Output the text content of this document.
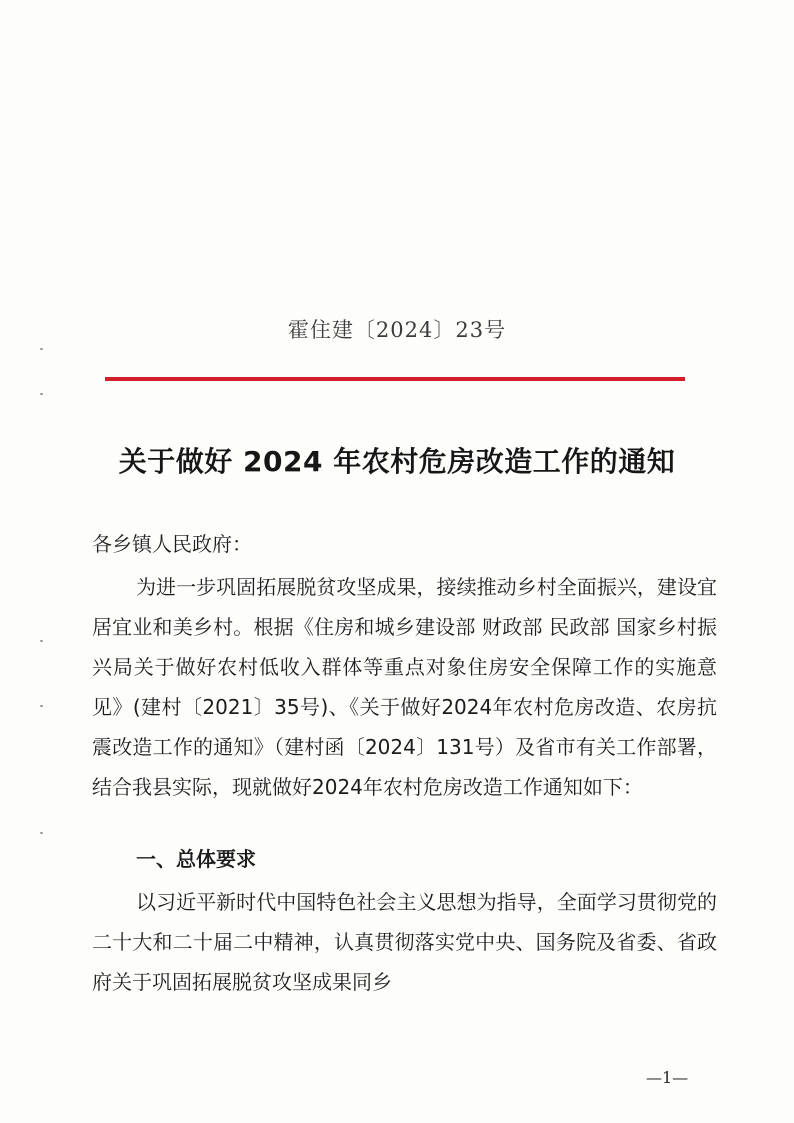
霍住建〔2024〕23号
关于做好 2024 年农村危房改造工作的通知
各乡镇人民政府：
为进一步巩固拓展脱贫攻坚成果，接续推动乡村全面振兴，建设宜居宜业和美乡村。根据《住房和城乡建设部 财政部 民政部 国家乡村振兴局关于做好农村低收入群体等重点对象住房安全保障工作的实施意见》(建村〔2021〕35号)、《关于做好2024年农村危房改造、农房抗震改造工作的通知》（建村函〔2024〕131号）及省市有关工作部署，结合我县实际，现就做好2024年农村危房改造工作通知如下：
一、总体要求
以习近平新时代中国特色社会主义思想为指导，全面学习贯彻党的二十大和二十届二中精神，认真贯彻落实党中央、国务院及省委、省政府关于巩固拓展脱贫攻坚成果同乡
—1—
